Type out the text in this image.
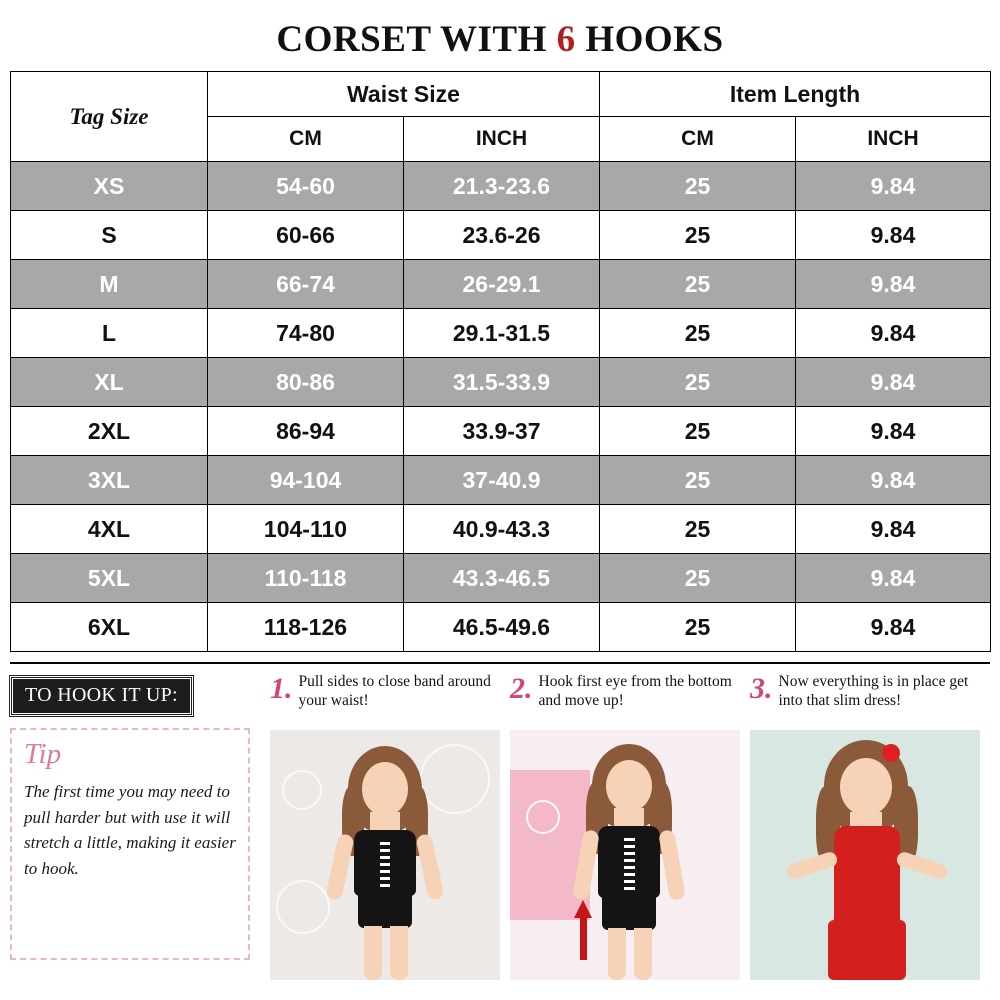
CORSET WITH 6 HOOKS
Tag Size	Waist Size		Item Length	
	CM	INCH	CM	INCH
XS	54-60	21.3-23.6	25	9.84
S	60-66	23.6-26	25	9.84
M	66-74	26-29.1	25	9.84
L	74-80	29.1-31.5	25	9.84
XL	80-86	31.5-33.9	25	9.84
2XL	86-94	33.9-37	25	9.84
3XL	94-104	37-40.9	25	9.84
4XL	104-110	40.9-43.3	25	9.84
5XL	110-118	43.3-46.5	25	9.84
6XL	118-126	46.5-49.6	25	9.84
TO HOOK IT UP:
Tip
The first time you may need to pull harder but with use it will stretch a little, making it easier to hook.
1. Pull sides to close band around your waist!	2. Hook first eye from the bottom and move up!	3. Now everything is in place get into that slim dress!
